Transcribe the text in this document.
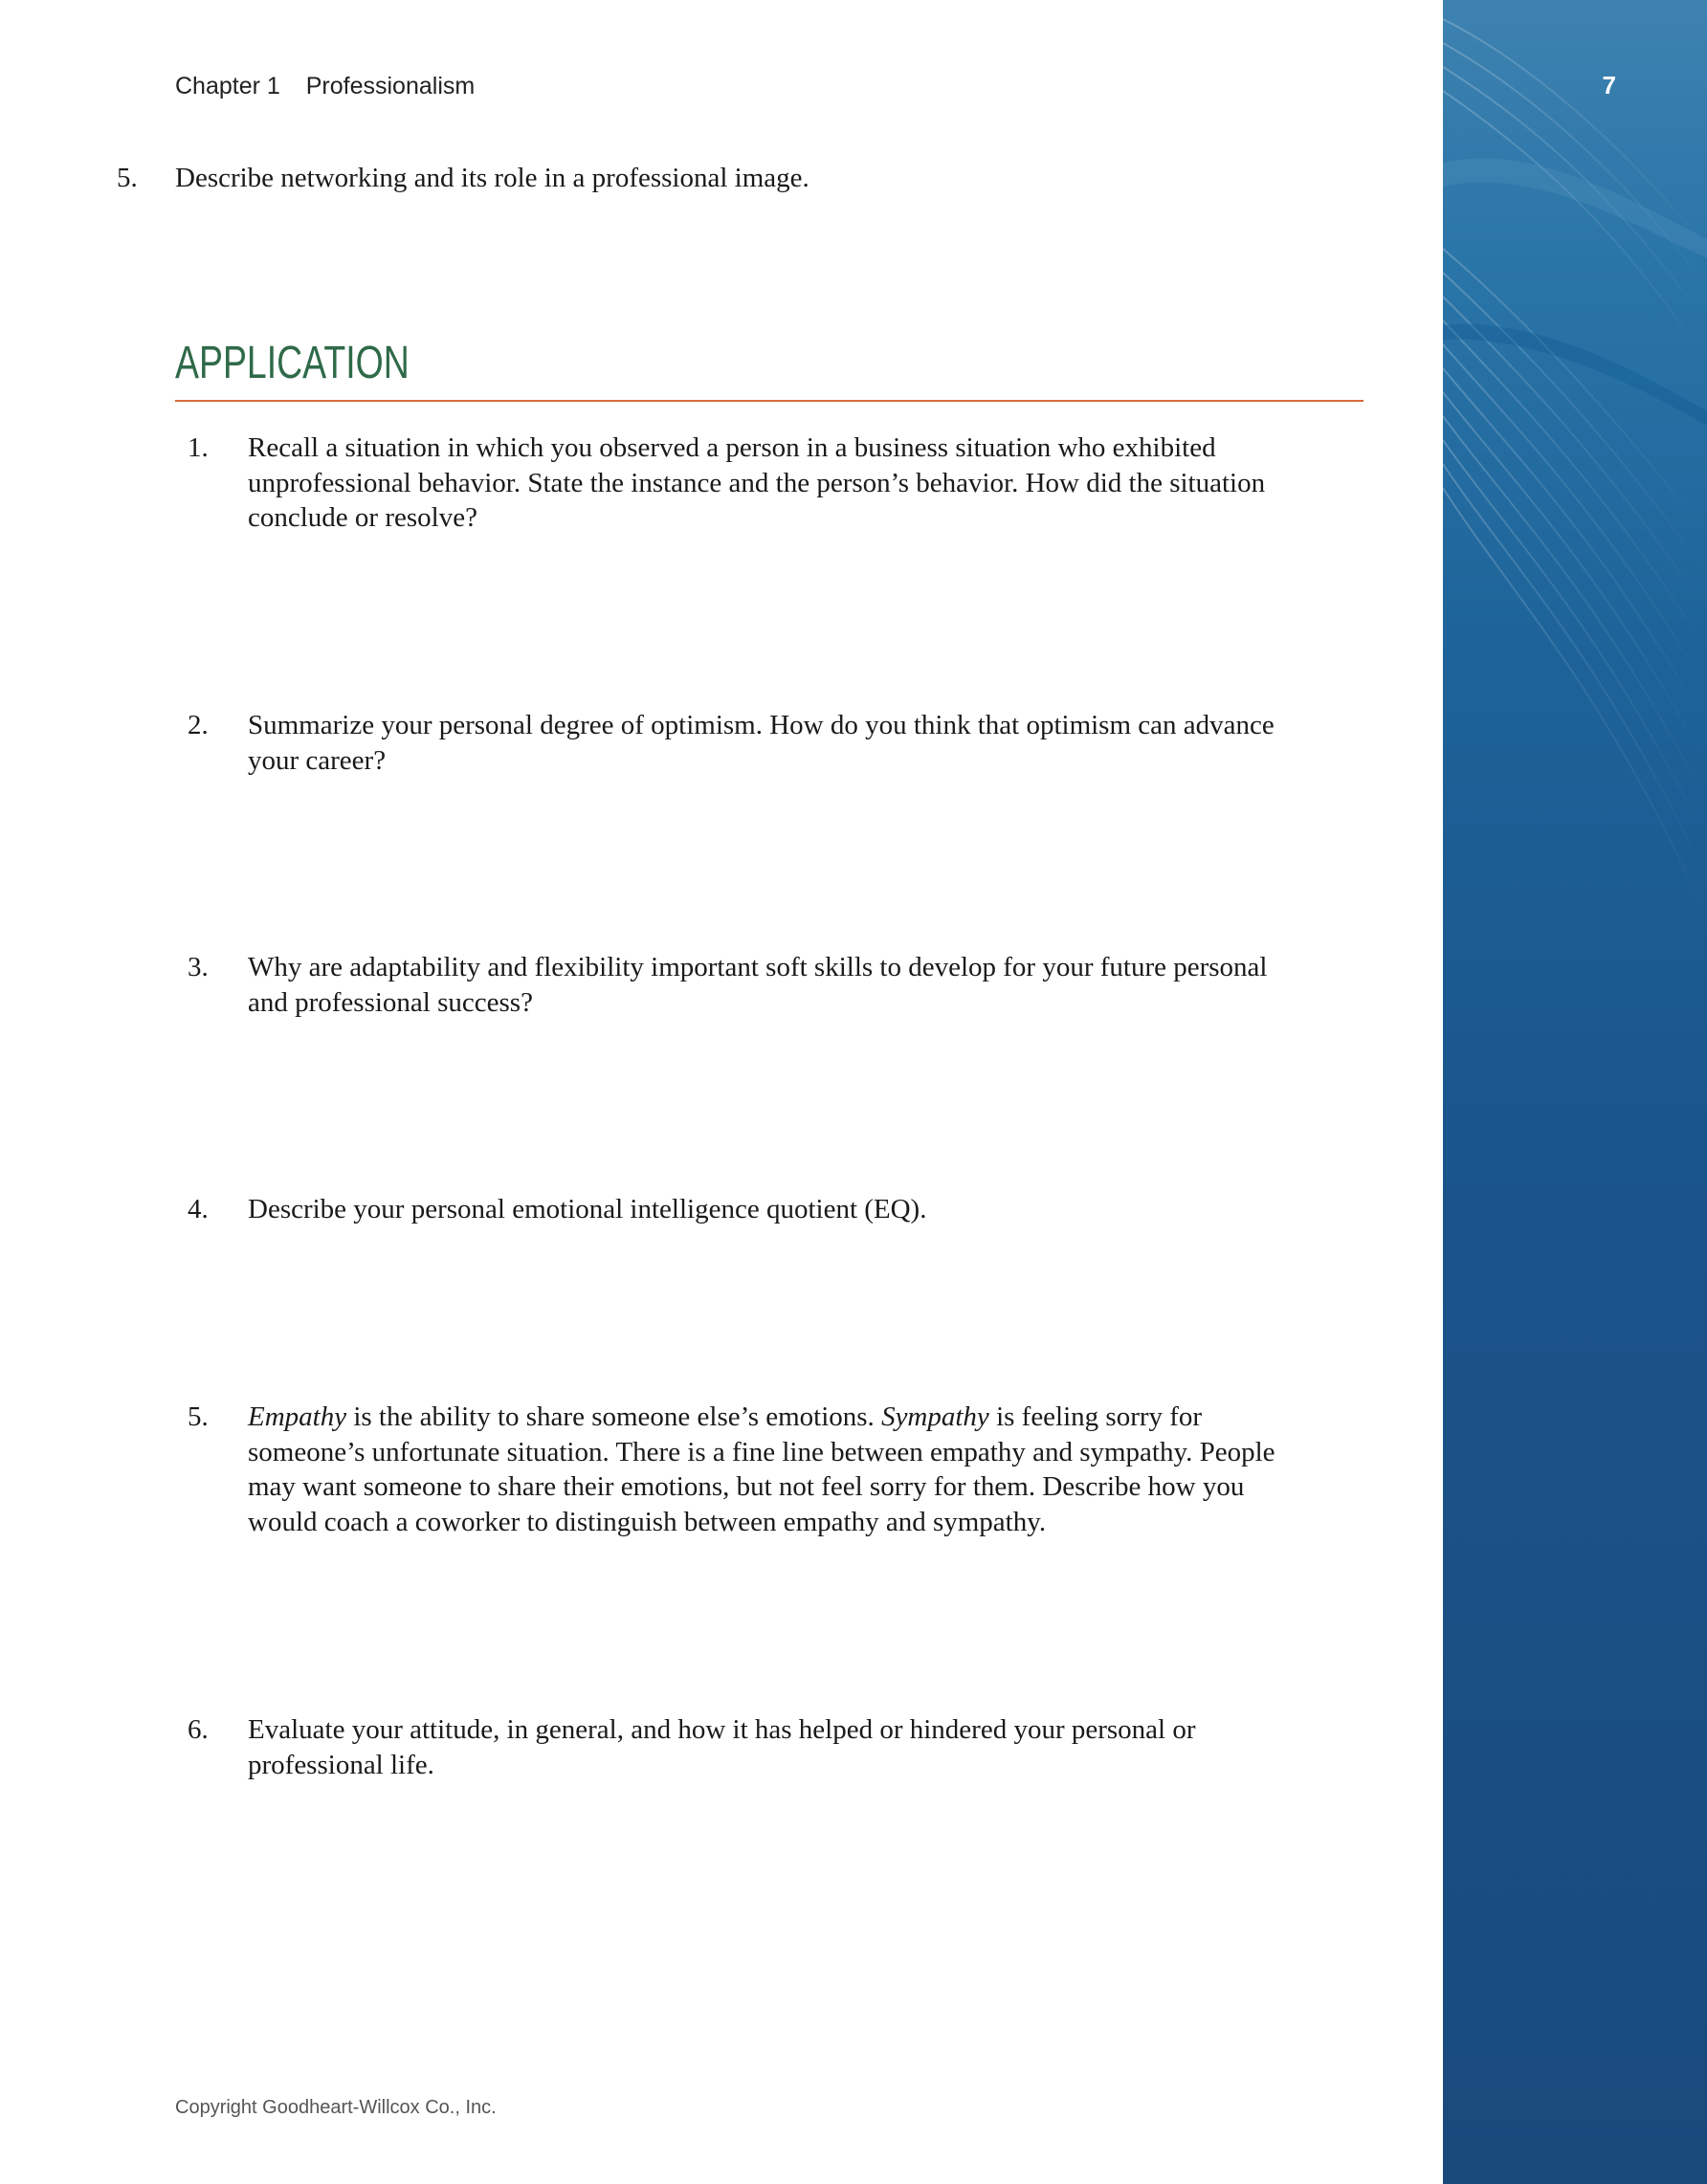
Chapter 1 Professionalism
5. Describe networking and its role in a professional image.
APPLICATION
1. Recall a situation in which you observed a person in a business situation who exhibited
unprofessional behavior. State the instance and the person’s behavior. How did the situation
conclude or resolve?
2. Summarize your personal degree of optimism. How do you think that optimism can advance
your career?
3. Why are adaptability and flexibility important soft skills to develop for your future personal
and professional success?
4. Describe your personal emotional intelligence quotient (EQ).
5. Empathy is the ability to share someone else’s emotions. Sympathy is feeling sorry for
someone’s unfortunate situation. There is a fine line between empathy and sympathy. People
may want someone to share their emotions, but not feel sorry for them. Describe how you
would coach a coworker to distinguish between empathy and sympathy.
6. Evaluate your attitude, in general, and how it has helped or hindered your personal or
professional life.
Copyright Goodheart-Willcox Co., Inc.
7
